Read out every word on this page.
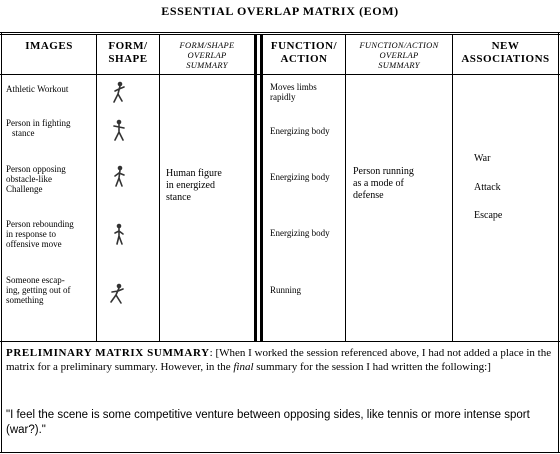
ESSENTIAL OVERLAP MATRIX (EOM)
IMAGES	FORM/
SHAPE
FORM/SHAPE
OVERLAP
SUMMARY
FUNCTION/
ACTION
FUNCTION/ACTION
OVERLAP
SUMMARY
NEW
ASSOCIATIONS
Athletic Workout
Person in fighting
stance
Person opposing
obstacle-like
Challenge
Person rebounding
in response to
offensive move
Someone escap-
ing, getting out of
something
Human figure
in energized
stance
Moves limbs
rapidly
Energizing body
Energizing body
Energizing body
Running
Person running
as a mode of
defense
War
Attack
Escape
PRELIMINARY MATRIX SUMMARY: [When I worked the session referenced above, I had not added a place in the matrix for a preliminary summary. However, in the final summary for the session I had written the following:]
"I feel the scene is some competitive venture between opposing sides, like tennis or more intense sport (war?)."
